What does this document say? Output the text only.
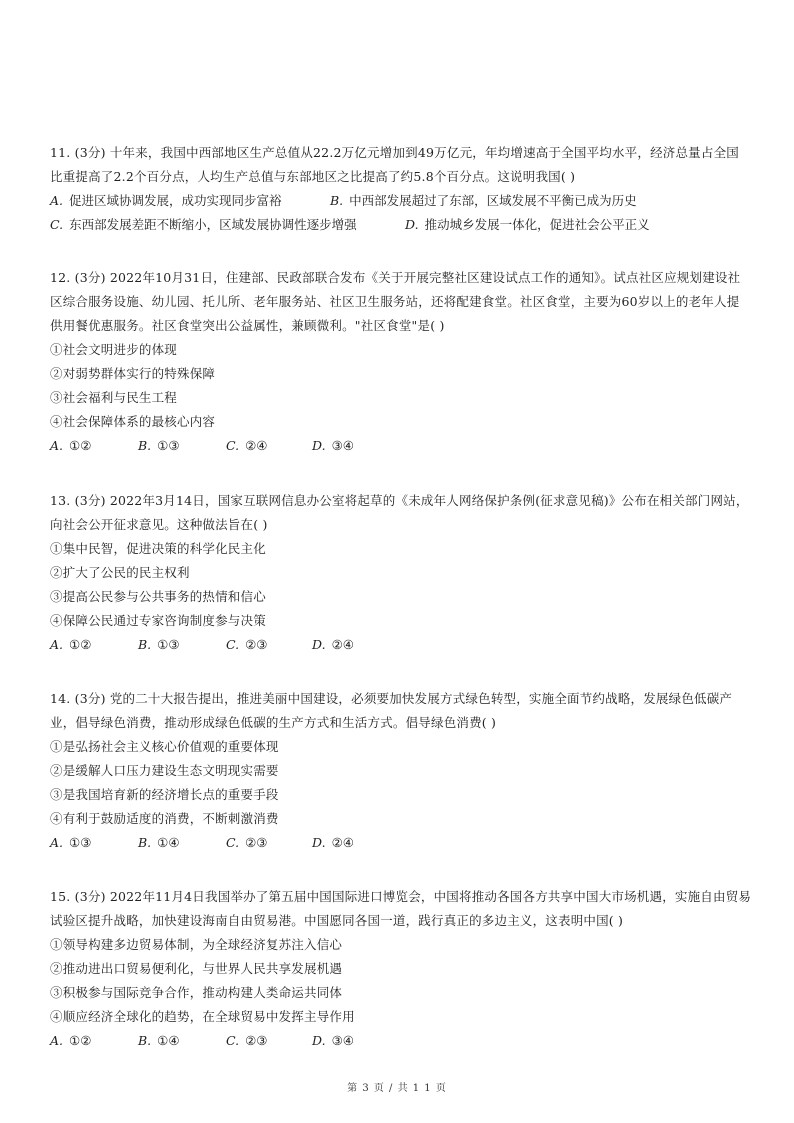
11. (3分) 十年来，我国中西部地区生产总值从22.2万亿元增加到49万亿元，年均增速高于全国平均水平，经济总量占全国
比重提高了2.2个百分点，人均生产总值与东部地区之比提高了约5.8个百分点。这说明我国( )
A. 促进区域协调发展，成功实现同步富裕	B. 中西部发展超过了东部，区域发展不平衡已成为历史
C. 东西部发展差距不断缩小，区域发展协调性逐步增强	D. 推动城乡发展一体化，促进社会公平正义
12. (3分) 2022年10月31日，住建部、民政部联合发布《关于开展完整社区建设试点工作的通知》。试点社区应规划建设社
区综合服务设施、幼儿园、托儿所、老年服务站、社区卫生服务站，还将配建食堂。社区食堂，主要为60岁以上的老年人提
供用餐优惠服务。社区食堂突出公益属性，兼顾微利。"社区食堂"是( )
①社会文明进步的体现
②对弱势群体实行的特殊保障
③社会福利与民生工程
④社会保障体系的最核心内容
A. ①②	B. ①③	C. ②④	D. ③④
13. (3分) 2022年3月14日，国家互联网信息办公室将起草的《未成年人网络保护条例(征求意见稿)》公布在相关部门网站，
向社会公开征求意见。这种做法旨在( )
①集中民智，促进决策的科学化民主化
②扩大了公民的民主权利
③提高公民参与公共事务的热情和信心
④保障公民通过专家咨询制度参与决策
A. ①②	B. ①③	C. ②③	D. ②④
14. (3分) 党的二十大报告提出，推进美丽中国建设，必须要加快发展方式绿色转型，实施全面节约战略，发展绿色低碳产
业，倡导绿色消费，推动形成绿色低碳的生产方式和生活方式。倡导绿色消费( )
①是弘扬社会主义核心价值观的重要体现
②是缓解人口压力建设生态文明现实需要
③是我国培育新的经济增长点的重要手段
④有利于鼓励适度的消费，不断刺激消费
A. ①③	B. ①④	C. ②③	D. ②④
15. (3分) 2022年11月4日我国举办了第五届中国国际进口博览会，中国将推动各国各方共享中国大市场机遇，实施自由贸易
试验区提升战略，加快建设海南自由贸易港。中国愿同各国一道，践行真正的多边主义，这表明中国( )
①领导构建多边贸易体制，为全球经济复苏注入信心
②推动进出口贸易便利化，与世界人民共享发展机遇
③积极参与国际竞争合作，推动构建人类命运共同体
④顺应经济全球化的趋势，在全球贸易中发挥主导作用
A. ①②	B. ①④	C. ②③	D. ③④
第 3 页 / 共 1 1 页
